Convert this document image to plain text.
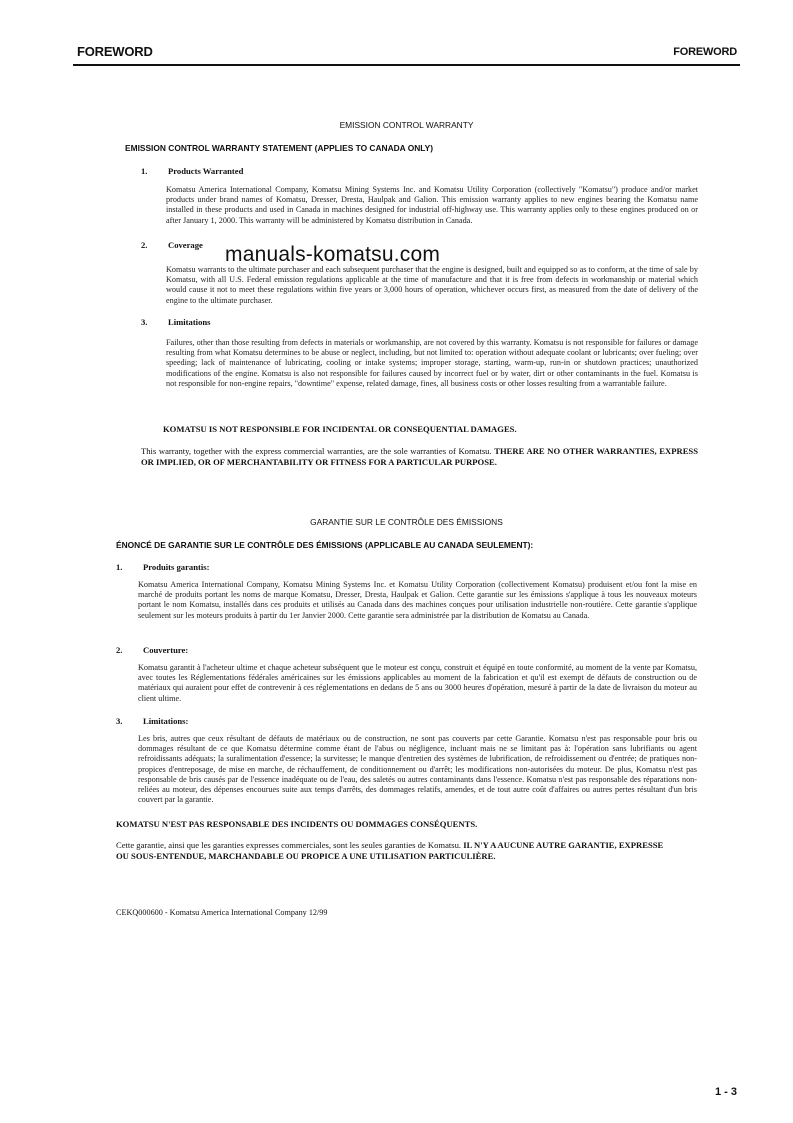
FOREWORD	FOREWORD
EMISSION CONTROL WARRANTY
EMISSION CONTROL WARRANTY STATEMENT (APPLIES TO CANADA ONLY)
1. Products Warranted
Komatsu America International Company, Komatsu Mining Systems Inc. and Komatsu Utility Corporation (collectively "Komatsu") produce and/or market products under brand names of Komatsu, Dresser, Dresta, Haulpak and Galion. This emission warranty applies to new engines bearing the Komatsu name installed in these products and used in Canada in machines designed for industrial off-highway use. This warranty applies only to these engines produced on or after January 1, 2000. This warranty will be administered by Komatsu distribution in Canada.
2. Coverage manuals-komatsu.com
Komatsu warrants to the ultimate purchaser and each subsequent purchaser that the engine is designed, built and equipped so as to conform, at the time of sale by Komatsu, with all U.S. Federal emission regulations applicable at the time of manufacture and that it is free from defects in workmanship or material which would cause it not to meet these regulations within five years or 3,000 hours of operation, whichever occurs first, as measured from the date of delivery of the engine to the ultimate purchaser.
3. Limitations
Failures, other than those resulting from defects in materials or workmanship, are not covered by this warranty. Komatsu is not responsible for failures or damage resulting from what Komatsu determines to be abuse or neglect, including, but not limited to: operation without adequate coolant or lubricants; over fueling; over speeding; lack of maintenance of lubricating, cooling or intake systems; improper storage, starting, warm-up, run-in or shutdown practices; unauthorized modifications of the engine. Komatsu is also not responsible for failures caused by incorrect fuel or by water, dirt or other contaminants in the fuel. Komatsu is not responsible for non-engine repairs, "downtime" expense, related damage, fines, all business costs or other losses resulting from a warrantable failure.
KOMATSU IS NOT RESPONSIBLE FOR INCIDENTAL OR CONSEQUENTIAL DAMAGES.
This warranty, together with the express commercial warranties, are the sole warranties of Komatsu. THERE ARE NO OTHER WARRANTIES, EXPRESS OR IMPLIED, OR OF MERCHANTABILITY OR FITNESS FOR A PARTICULAR PURPOSE.
GARANTIE SUR LE CONTRÔLE DES ÉMISSIONS
ÉNONCÉ DE GARANTIE SUR LE CONTRÔLE DES ÉMISSIONS (APPLICABLE AU CANADA SEULEMENT):
1. Produits garantis:
Komatsu America International Company, Komatsu Mining Systems Inc. et Komatsu Utility Corporation (collectivement Komatsu) produisent et/ou font la mise en marché de produits portant les noms de marque Komatsu, Dresser, Dresta, Haulpak et Galion. Cette garantie sur les émissions s'applique à tous les nouveaux moteurs portant le nom Komatsu, installés dans ces produits et utilisés au Canada dans des machines conçues pour utilisation industrielle non-routière. Cette garantie s'applique seulement sur les moteurs produits à partir du 1er Janvier 2000. Cette garantie sera administrée par la distribution de Komatsu au Canada.
2. Couverture:
Komatsu garantit à l'acheteur ultime et chaque acheteur subséquent que le moteur est conçu, construit et équipé en toute conformité, au moment de la vente par Komatsu, avec toutes les Réglementations fédérales américaines sur les émissions applicables au moment de la fabrication et qu'il est exempt de défauts de construction ou de matériaux qui auraient pour effet de contrevenir à ces réglementations en dedans de 5 ans ou 3000 heures d'opération, mesuré à partir de la date de livraison du moteur au client ultime.
3. Limitations:
Les bris, autres que ceux résultant de défauts de matériaux ou de construction, ne sont pas couverts par cette Garantie. Komatsu n'est pas responsable pour bris ou dommages résultant de ce que Komatsu détermine comme étant de l'abus ou négligence, incluant mais ne se limitant pas à: l'opération sans lubrifiants ou agent refroidissants adéquats; la suralimentation d'essence; la survitesse; le manque d'entretien des systèmes de lubrification, de refroidissement ou d'entrée; de pratiques non-propices d'entreposage, de mise en marche, de réchauffement, de conditionnement ou d'arrêt; les modifications non-autorisées du moteur. De plus, Komatsu n'est pas responsable de bris causés par de l'essence inadéquate ou de l'eau, des saletés ou autres contaminants dans l'essence. Komatsu n'est pas responsable des réparations non-reliées au moteur, des dépenses encourues suite aux temps d'arrêts, des dommages relatifs, amendes, et de tout autre coût d'affaires ou autres pertes résultant d'un bris couvert par la garantie.
KOMATSU N'EST PAS RESPONSABLE DES INCIDENTS OU DOMMAGES CONSÉQUENTS.
Cette garantie, ainsi que les garanties expresses commerciales, sont les seules garanties de Komatsu. IL N'Y A AUCUNE AUTRE GARANTIE, EXPRESSE OU SOUS-ENTENDUE, MARCHANDABLE OU PROPICE A UNE UTILISATION PARTICULIÈRE.
CEKQ000600 - Komatsu America International Company 12/99
1 - 3
